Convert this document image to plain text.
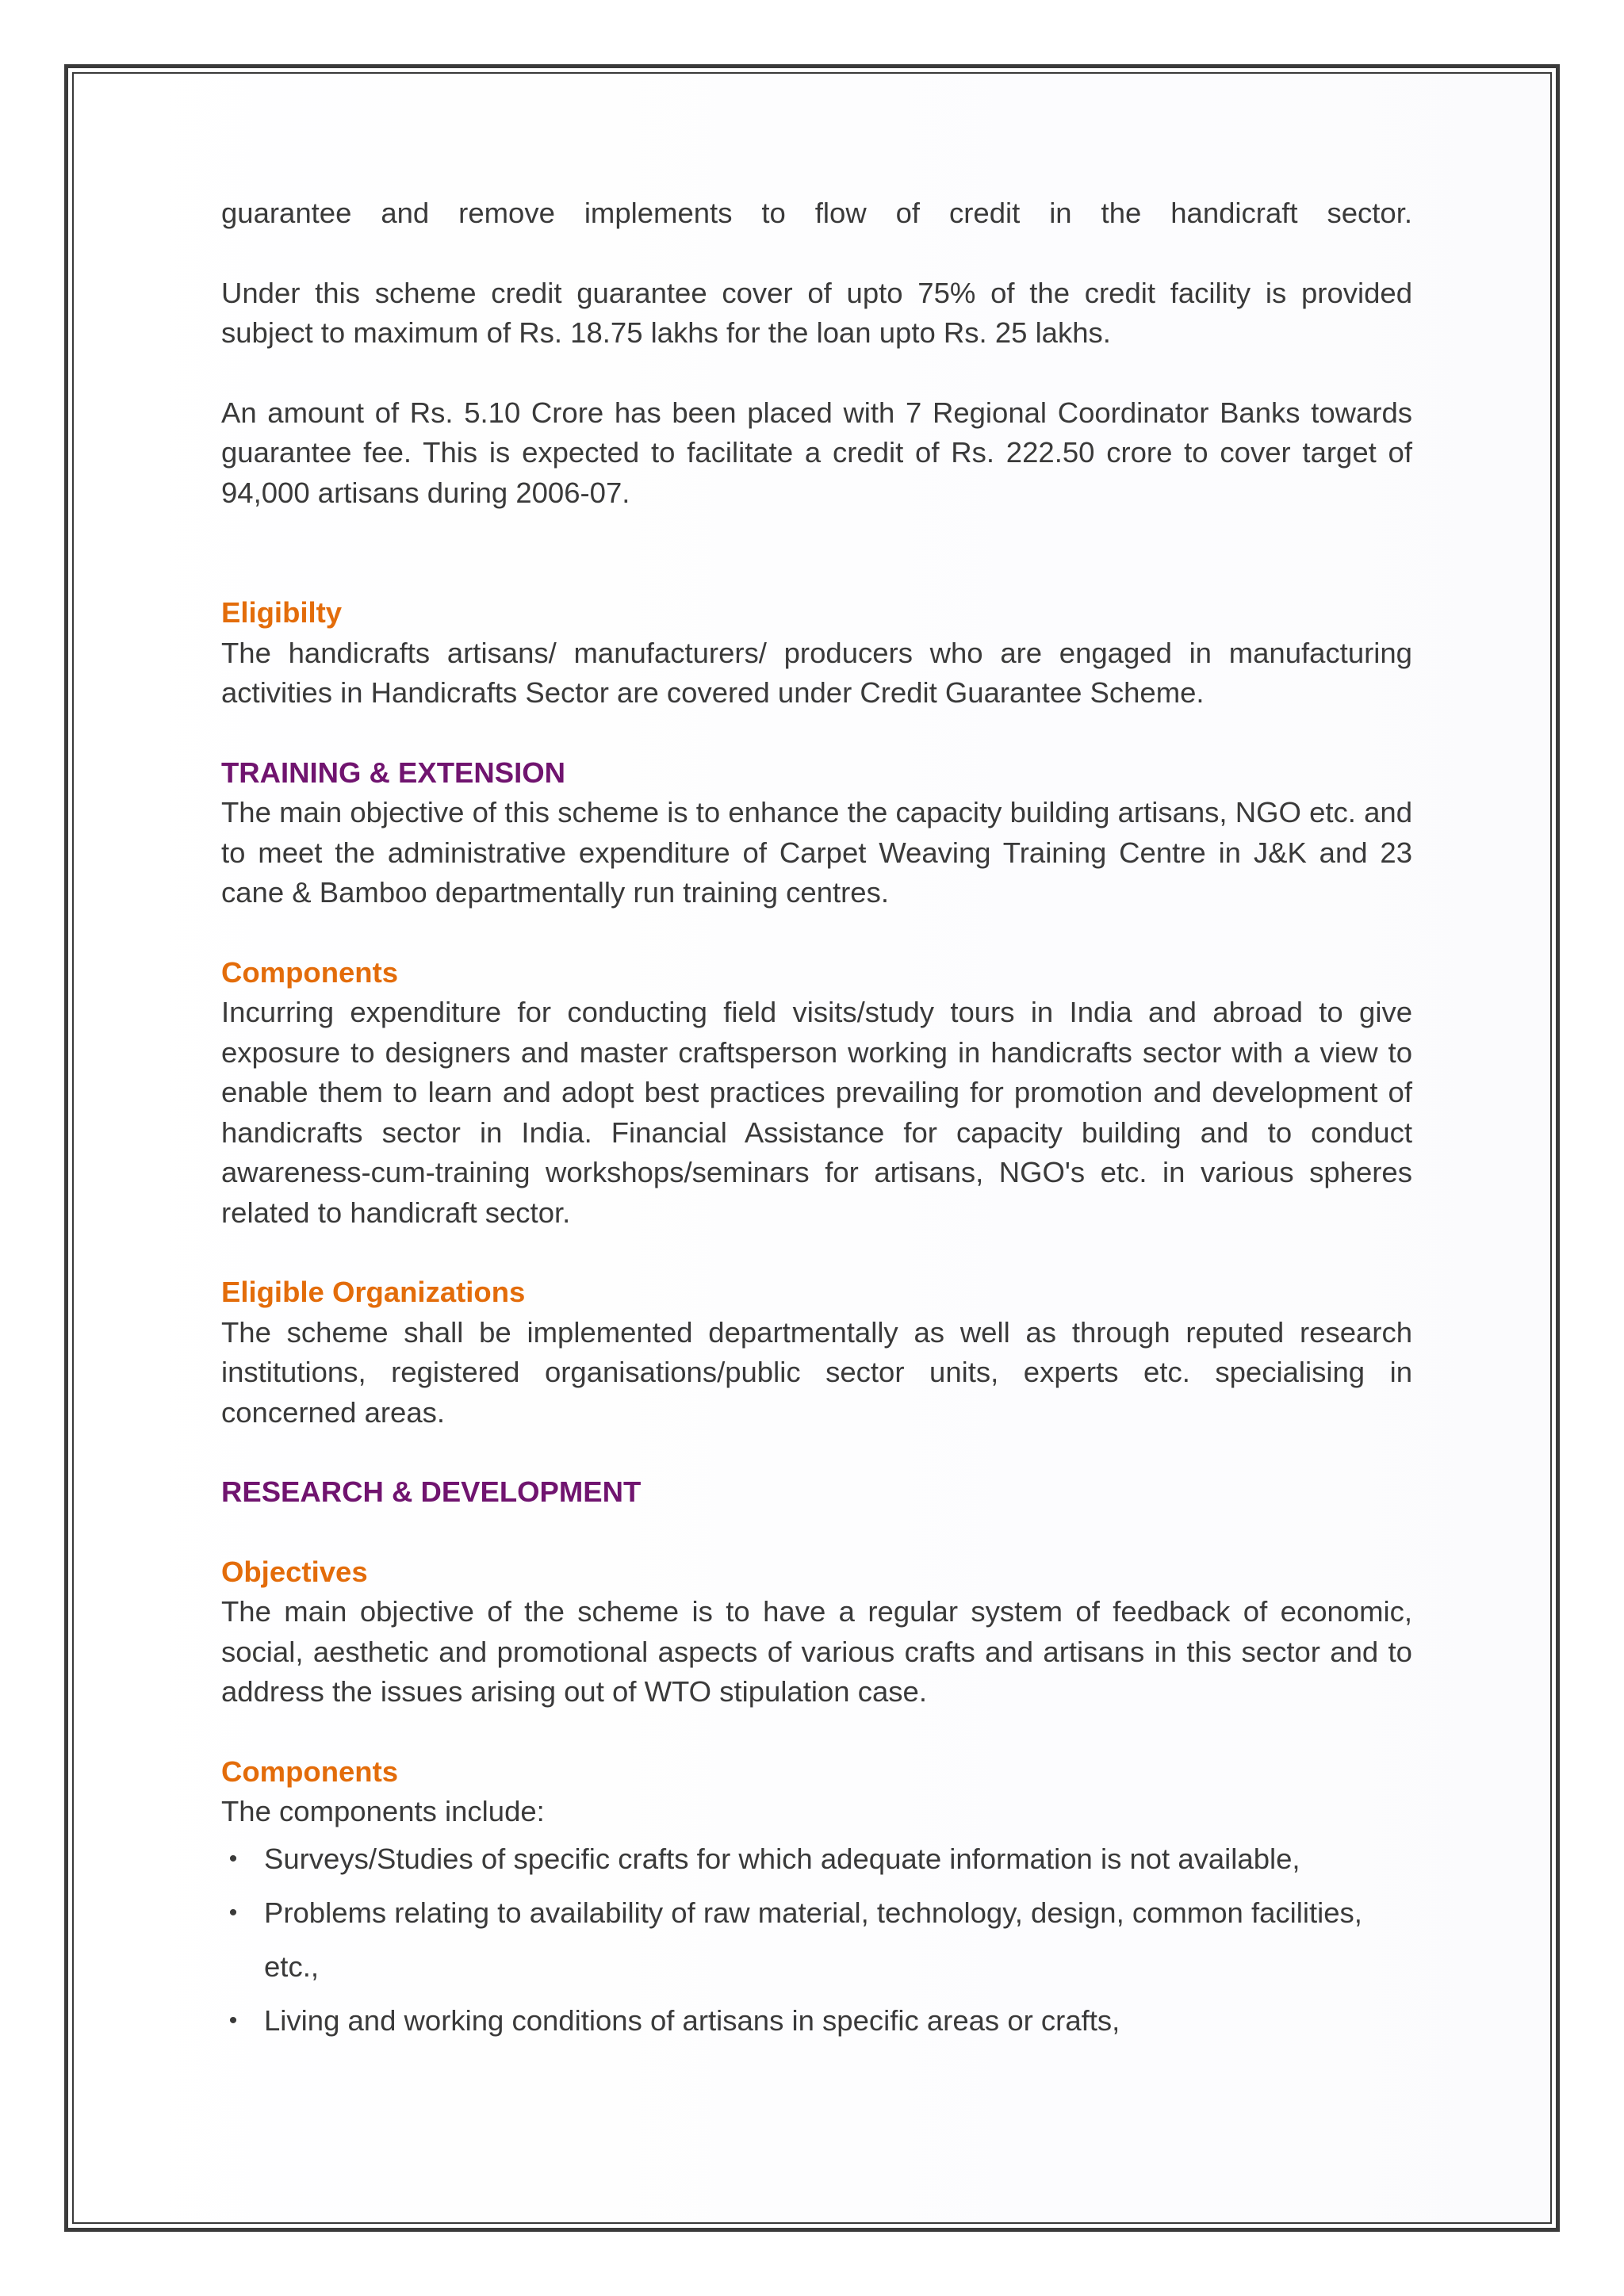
guarantee and remove implements to flow of credit in the handicraft sector.

Under this scheme credit guarantee cover of upto 75% of the credit facility is provided subject to maximum of Rs. 18.75 lakhs for the loan upto Rs. 25 lakhs.

An amount of Rs. 5.10 Crore has been placed with 7 Regional Coordinator Banks towards guarantee fee. This is expected to facilitate a credit of Rs. 222.50 crore to cover target of 94,000 artisans during 2006-07.

Eligibilty

The handicrafts artisans/ manufacturers/ producers who are engaged in manufacturing activities in Handicrafts Sector are covered under Credit Guarantee Scheme.

TRAINING & EXTENSION

The main objective of this scheme is to enhance the capacity building artisans, NGO etc. and to meet the administrative expenditure of Carpet Weaving Training Centre in J&K and 23 cane & Bamboo departmentally run training centres.

Components

Incurring expenditure for conducting field visits/study tours in India and abroad to give exposure to designers and master craftsperson working in handicrafts sector with a view to enable them to learn and adopt best practices prevailing for promotion and development of handicrafts sector in India. Financial Assistance for capacity building and to conduct awareness-cum-training workshops/seminars for artisans, NGO's etc. in various spheres related to handicraft sector.

Eligible Organizations

The scheme shall be implemented departmentally as well as through reputed research institutions, registered organisations/public sector units, experts etc. specialising in concerned areas.

RESEARCH & DEVELOPMENT
Objectives

The main objective of the scheme is to have a regular system of feedback of economic, social, aesthetic and promotional aspects of various crafts and artisans in this sector and to address the issues arising out of WTO stipulation case.

Components

The components include:

• Surveys/Studies of specific crafts for which adequate information is not available,
• Problems relating to availability of raw material, technology, design, common facilities, etc.,
• Living and working conditions of artisans in specific areas or crafts,
